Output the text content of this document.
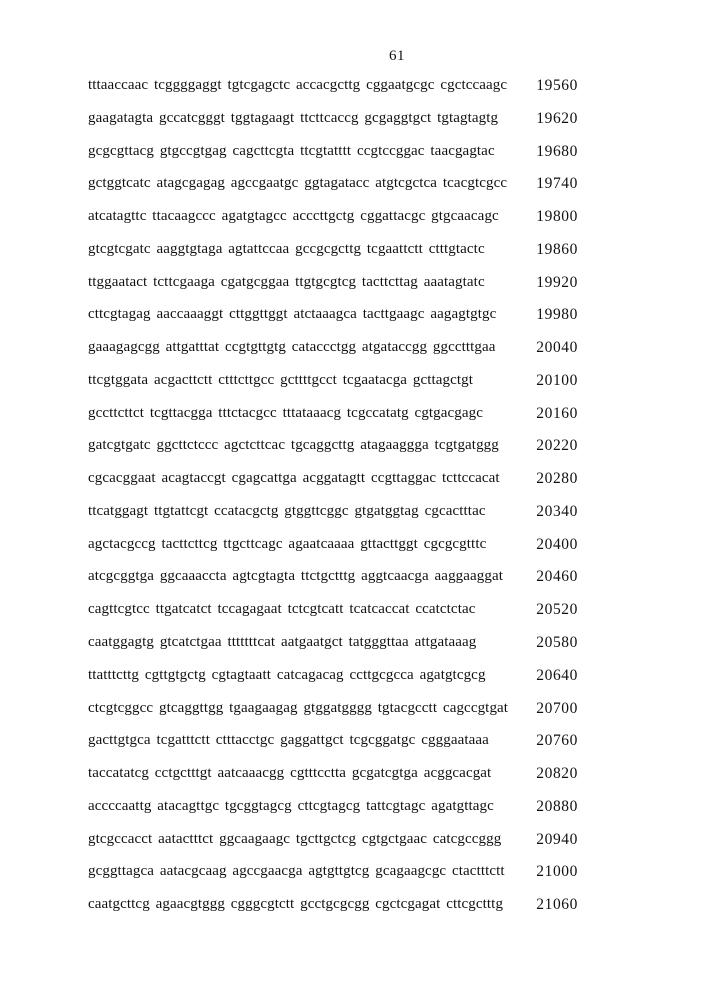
61
tttaaccaac tcggggaggt tgtcgagctc accacgcttg cggaatgcgc cgctccaagc	19560
gaagatagta gccatcgggt tggtagaagt ttcttcaccg gcgaggtgct tgtagtagtg	19620
gcgcgttacg gtgccgtgag cagcttcgta ttcgtatttt ccgtccggac taacgagtac	19680
gctggtcatc atagcgagag agccgaatgc ggtagatacc atgtcgctca tcacgtcgcc	19740
atcatagttc ttacaagccc agatgtagcc acccttgctg cggattacgc gtgcaacagc	19800
gtcgtcgatc aaggtgtaga agtattccaa gccgcgcttg tcgaattctt ctttgtactc	19860
ttggaatact tcttcgaaga cgatgcggaa ttgtgcgtcg tacttcttag aaatagtatc	19920
cttcgtagag aaccaaaggt cttggttggt atctaaagca tacttgaagc aagagtgtgc	19980
gaaagagcgg attgatttat ccgtgttgtg cataccctgg atgataccgg ggcctttgaa	20040
ttcgtggata acgacttctt ctttcttgcc gcttttgcct tcgaatacga gcttagctgt	20100
gccttcttct tcgttacgga tttctacgcc tttataaacg tcgccatatg cgtgacgagc	20160
gatcgtgatc ggcttctccc agctcttcac tgcaggcttg atagaaggga tcgtgatggg	20220
cgcacggaat acagtaccgt cgagcattga acggatagtt ccgttaggac tcttccacat	20280
ttcatggagt ttgtattcgt ccatacgctg gtggttcggc gtgatggtag cgcactttac	20340
agctacgccg tacttcttcg ttgcttcagc agaatcaaaa gttacttggt cgcgcgtttc	20400
atcgcggtga ggcaaaccta agtcgtagta ttctgctttg aggtcaacga aaggaaggat	20460
cagttcgtcc ttgatcatct tccagagaat tctcgtcatt tcatcaccat ccatctctac	20520
caatggagtg gtcatctgaa tttttttcat aatgaatgct tatgggttaa attgataaag	20580
ttatttcttg cgttgtgctg cgtagtaatt catcagacag ccttgcgcca agatgtcgcg	20640
ctcgtcggcc gtcaggttgg tgaagaagag gtggatgggg tgtacgcctt cagccgtgat	20700
gacttgtgca tcgatttctt ctttacctgc gaggattgct tcgcggatgc cgggaataaa	20760
taccatatcg cctgctttgt aatcaaacgg cgtttcctta gcgatcgtga acggcacgat	20820
accccaattg atacagttgc tgcggtagcg cttcgtagcg tattcgtagc agatgttagc	20880
gtcgccacct aatactttct ggcaagaagc tgcttgctcg cgtgctgaac catcgccggg	20940
gcggttagca aatacgcaag agccgaacga agtgttgtcg gcagaagcgc ctactttctt	21000
caatgcttcg agaacgtggg cgggcgtctt gcctgcgcgg cgctcgagat cttcgctttg	21060
